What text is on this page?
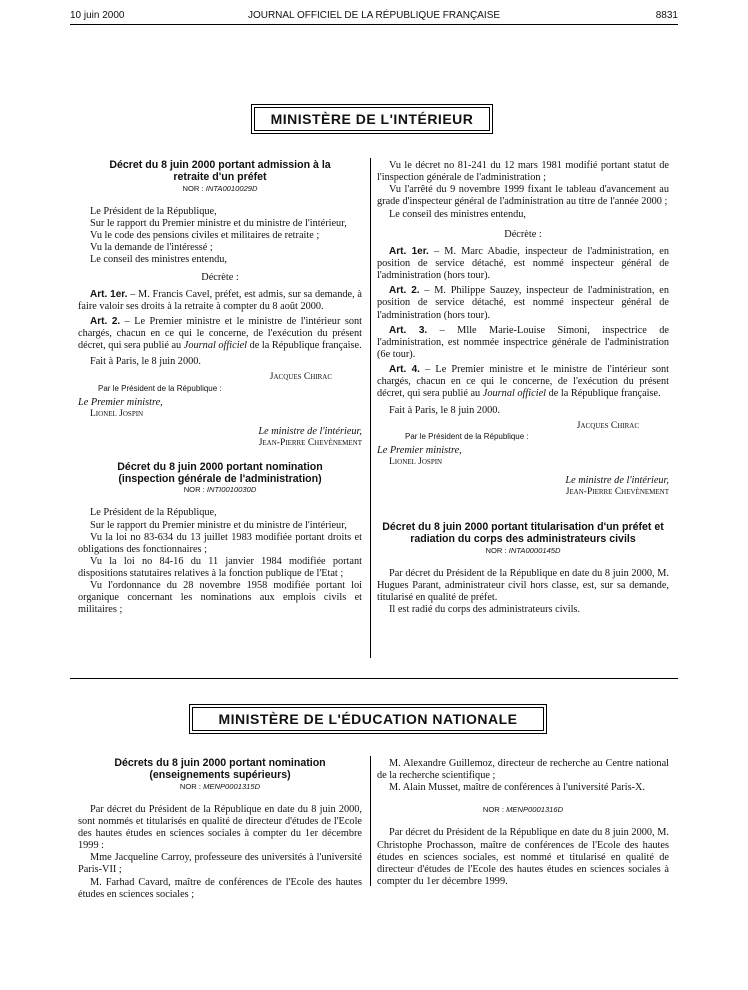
10 juin 2000	JOURNAL OFFICIEL DE LA RÉPUBLIQUE FRANÇAISE	8831
MINISTÈRE DE L'INTÉRIEUR
Décret du 8 juin 2000 portant admission à la retraite d'un préfet
NOR : INTA0010029D

Le Président de la République,

Sur le rapport du Premier ministre et du ministre de l'intérieur,

Vu le code des pensions civiles et militaires de retraite ;

Vu la demande de l'intéressé ;

Le conseil des ministres entendu,

Décrète :

Art. 1er. – M. Francis Cavel, préfet, est admis, sur sa demande, à faire valoir ses droits à la retraite à compter du 8 août 2000.

Art. 2. – Le Premier ministre et le ministre de l'intérieur sont chargés, chacun en ce qui le concerne, de l'exécution du présent décret, qui sera publié au Journal officiel de la République française.

Fait à Paris, le 8 juin 2000.

Jacques Chirac

Par le Président de la République :

Le Premier ministre,

Lionel Jospin

Le ministre de l'intérieur,

Jean-Pierre Chevènement

Décret du 8 juin 2000 portant nomination (inspection générale de l'administration)
NOR : INTI0010030D

Le Président de la République,

Sur le rapport du Premier ministre et du ministre de l'intérieur,

Vu la loi no 83-634 du 13 juillet 1983 modifiée portant droits et obligations des fonctionnaires ;

Vu la loi no 84-16 du 11 janvier 1984 modifiée portant dispositions statutaires relatives à la fonction publique de l'Etat ;

Vu l'ordonnance du 28 novembre 1958 modifiée portant loi organique concernant les nominations aux emplois civils et militaires ;

Vu le décret no 81-241 du 12 mars 1981 modifié portant statut de l'inspection générale de l'administration ;

Vu l'arrêté du 9 novembre 1999 fixant le tableau d'avancement au grade d'inspecteur général de l'administration au titre de l'année 2000 ;

Le conseil des ministres entendu,

Décrète :

Art. 1er. – M. Marc Abadie, inspecteur de l'administration, en position de service détaché, est nommé inspecteur général de l'administration (hors tour).

Art. 2. – M. Philippe Sauzey, inspecteur de l'administration, en position de service détaché, est nommé inspecteur général de l'administration (hors tour).

Art. 3. – Mlle Marie-Louise Simoni, inspectrice de l'administration, est nommée inspectrice générale de l'administration (6e tour).

Art. 4. – Le Premier ministre et le ministre de l'intérieur sont chargés, chacun en ce qui le concerne, de l'exécution du présent décret, qui sera publié au Journal officiel de la République française.

Fait à Paris, le 8 juin 2000.

Jacques Chirac

Par le Président de la République :

Le Premier ministre,

Lionel Jospin

Le ministre de l'intérieur,

Jean-Pierre Chevènement

Décret du 8 juin 2000 portant titularisation d'un préfet et radiation du corps des administrateurs civils
NOR : INTA0000145D

Par décret du Président de la République en date du 8 juin 2000, M. Hugues Parant, administrateur civil hors classe, est, sur sa demande, titularisé en qualité de préfet.

Il est radié du corps des administrateurs civils.

MINISTÈRE DE L'ÉDUCATION NATIONALE
Décrets du 8 juin 2000 portant nomination (enseignements supérieurs)
NOR : MENP0001315D

Par décret du Président de la République en date du 8 juin 2000, sont nommés et titularisés en qualité de directeur d'études de l'Ecole des hautes études en sciences sociales à compter du 1er décembre 1999 :

Mme Jacqueline Carroy, professeure des universités à l'université Paris-VII ;

M. Farhad Cavard, maître de conférences de l'Ecole des hautes études en sciences sociales ;

M. Alexandre Guillemoz, directeur de recherche au Centre national de la recherche scientifique ;

M. Alain Musset, maître de conférences à l'université Paris-X.

NOR : MENP0001316D

Par décret du Président de la République en date du 8 juin 2000, M. Christophe Prochasson, maître de conférences de l'Ecole des hautes études en sciences sociales, est nommé et titularisé en qualité de directeur d'études de l'Ecole des hautes études en sciences sociales à compter du 1er décembre 1999.
